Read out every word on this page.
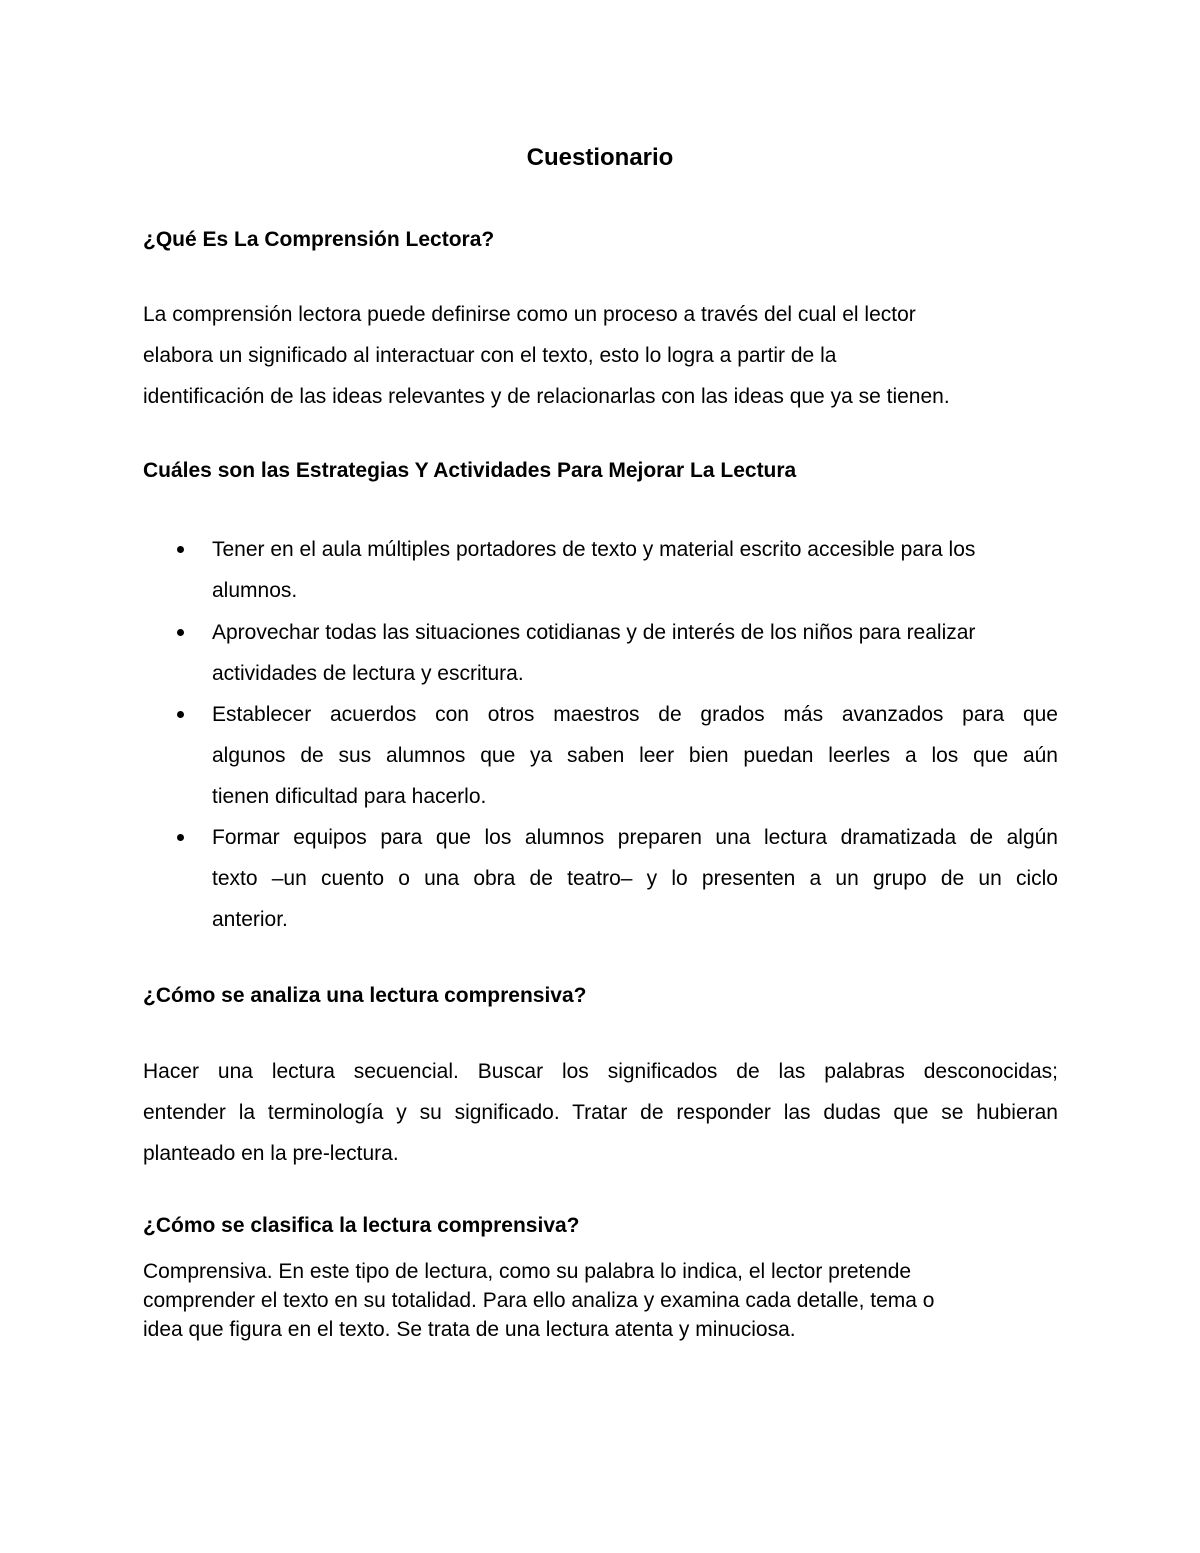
Cuestionario
¿Qué Es La Comprensión Lectora?
La comprensión lectora puede definirse como un proceso a través del cual el lector
elabora un significado al interactuar con el texto, esto lo logra a partir de la
identificación de las ideas relevantes y de relacionarlas con las ideas que ya se tienen.
Cuáles son las Estrategias Y Actividades Para Mejorar La Lectura
Tener en el aula múltiples portadores de texto y material escrito accesible para los
alumnos.
Aprovechar todas las situaciones cotidianas y de interés de los niños para realizar
actividades de lectura y escritura.
Establecer acuerdos con otros maestros de grados más avanzados para que
algunos de sus alumnos que ya saben leer bien puedan leerles a los que aún
tienen dificultad para hacerlo.
Formar equipos para que los alumnos preparen una lectura dramatizada de algún
texto –un cuento o una obra de teatro– y lo presenten a un grupo de un ciclo
anterior.
¿Cómo se analiza una lectura comprensiva?
Hacer una lectura secuencial. Buscar los significados de las palabras desconocidas;
entender la terminología y su significado. Tratar de responder las dudas que se hubieran
planteado en la pre-lectura.
¿Cómo se clasifica la lectura comprensiva?
Comprensiva. En este tipo de lectura, como su palabra lo indica, el lector pretende
comprender el texto en su totalidad. Para ello analiza y examina cada detalle, tema o
idea que figura en el texto. Se trata de una lectura atenta y minuciosa.
